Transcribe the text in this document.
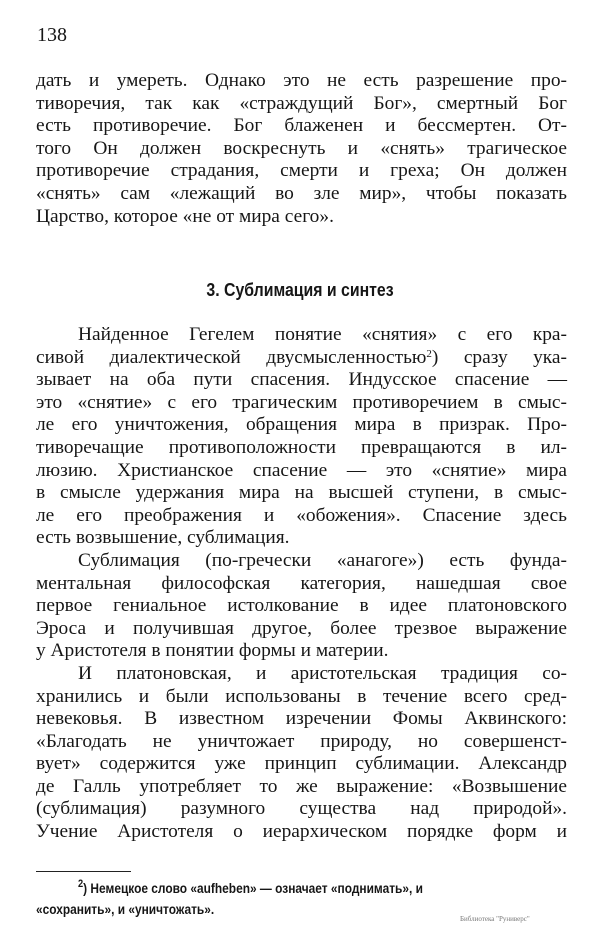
138
дать и умереть. Однако это не есть разрешение про-
тиворечия, так как «страждущий Бог», смертный Бог
есть противоречие. Бог блаженен и бессмертен. От-
того Он должен воскреснуть и «снять» трагическое
противоречие страдания, смерти и греха; Он должен
«снять» сам «лежащий во зле мир», чтобы показать
Царство, которое «не от мира сего».
3. Сублимация и синтез
Найденное Гегелем понятие «снятия» с его кра-
сивой диалектической двусмысленностью$^2$) сразу ука-
зывает на оба пути спасения. Индусское спасение —
это «снятие» с его трагическим противоречием в смыс-
ле его уничтожения, обращения мира в призрак. Про-
тиворечащие противоположности превращаются в ил-
люзию. Христианское спасение — это «снятие» мира
в смысле удержания мира на высшей ступени, в смыс-
ле его преображения и «обожения». Спасение здесь
есть возвышение, сублимация.
Сублимация (по-гречески «анагоге») есть фунда-
ментальная философская категория, нашедшая свое
первое гениальное истолкование в идее платоновского
Эроса и получившая другое, более трезвое выражение
у Аристотеля в понятии формы и материи.
И платоновская, и аристотельская традиция со-
хранились и были использованы в течение всего сред-
невековья. В известном изречении Фомы Аквинского:
«Благодать не уничтожает природу, но совершенст-
вует» содержится уже принцип сублимации. Александр
де Галль употребляет то же выражение: «Возвышение
(сублимация) разумного существа над природой».
Учение Аристотеля о иерархическом порядке форм и
$^2$) Немецкое слово «aufheben» — означает «поднимать», и
«сохранить», и «уничтожать».
Библиотека "Руниверс"
